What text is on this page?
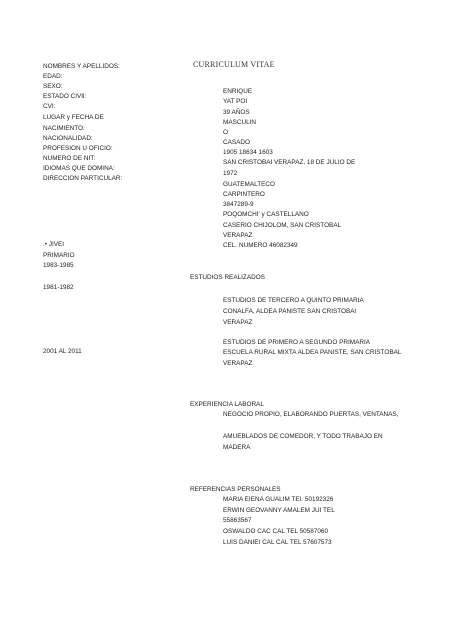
CURRICULUM VITAE
NOMBRES Y APELLIDOS:
EDAD:
SEXO:
ESTADO CIVIl:
CVI:
LUGAR y FECHA DE
NACIMIENTO:
NACIONALIDAD:
PROFESION U OFICIO:
NUMERO DE NIT:
IDIOMAS QUE DOMINA:
DIRECCION PARTICULAR:
ENRIQUE
YAT POI
39 AÑOS
MASCULIN
O
CASADO
1905 18634 1603
SAN CRISTOBAI VERAPAZ, 18 DE JULIO DE
1972
GUATEMALTECO
CARPINTERO
3847289-9
POQOMCHI' y CASTELLANO
CASERIO CHIJOLOM, SAN CRISTOBAL
VERAPAZ
CEL. NUMERO 46082349
.• JIVEI
PRIMARIO
1983-1985
1981-1982
2001 AL 2011
ESTUDIOS REALIZADOS
ESTUDIOS DE TERCERO A QUINTO PRIMARIA
CONALFA, ALDEA PANISTE SAN CRISTOBAl
VERAPAZ
ESTUDIOS DE PRIMERO A SEGUNDO PRIMARIA
ESCUELA RURAL MIXTA ALDEA PANISTE, SAN CRISTOBAL
VERAPAZ
EXPERIENCIA LABORAL
NEGOCIO PROPIO, ELABORANDO PUERTAS, VENTANAS,
AMUEBLADOS DE COMEDOR, Y TODO TRABAJO EN
MADERA
REFERENCIAS PERSONALES
MARIA EIENA GUALIM TEI. 50192326
ERWIN GEOVANNY AMALEM JUI TEL
55863567
OSWALDO CAC CAL TEL 50587060
LUIS DANIEI CAL CAL TEL 57607573
